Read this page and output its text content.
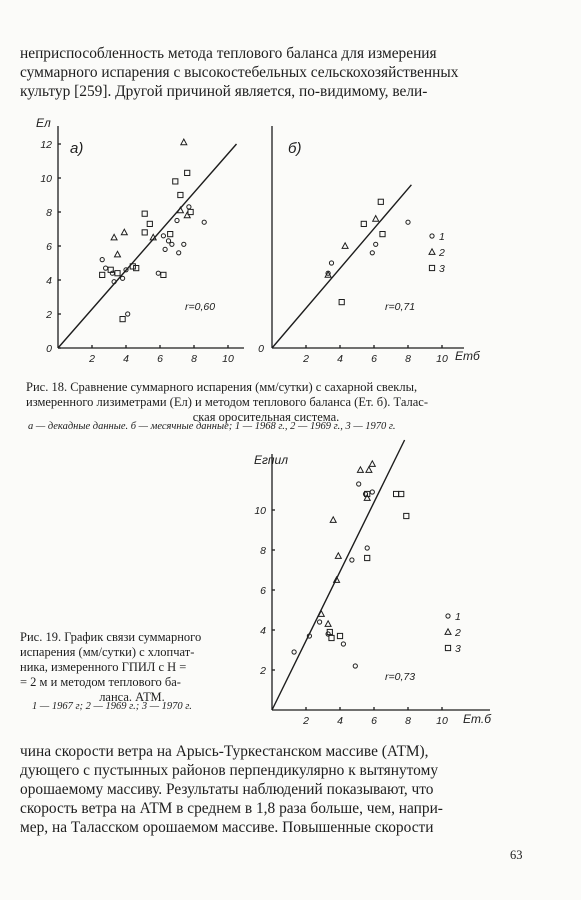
неприспособленность метода теплового баланса для измерения
суммарного испарения с высокостебельных сельскохозяйственных
культур [259]. Другой причиной является, по-видимому, вели-
2	4	6	8 10
0
2
4
6
8
10
12 а)
Eл
r=0,60
2	4	6	8 10
0
б)
Eтб
r=0,71
1
2
3
Рис. 18. Сравнение суммарного испарения (мм/сутки) с сахарной свеклы,
измеренного лизиметрами (Eл) и методом теплового баланса (Eт. б). Талас-
ская оросительная система.
а — декадные данные. б — месячные данные; 1 — 1968 г., 2 — 1969 г., 3 — 1970 г.
2	4	6	8 10
2
4
6
8
10
Eгпил
Eт.б
r=0,73
1
2
3
Рис. 19. График связи суммарного
испарения (мм/сутки) с хлопчат-
ника, измеренного ГПИЛ с H =
= 2 м и методом теплового ба-
ланса. АТМ.
1 — 1967 г; 2 — 1969 г.; 3 — 1970 г.
чина скорости ветра на Арысь-Туркестанском массиве (АТМ),
дующего с пустынных районов перпендикулярно к вытянутому
орошаемому массиву. Результаты наблюдений показывают, что
скорость ветра на АТМ в среднем в 1,8 раза больше, чем, напри-
мер, на Таласском орошаемом массиве. Повышенные скорости
63
